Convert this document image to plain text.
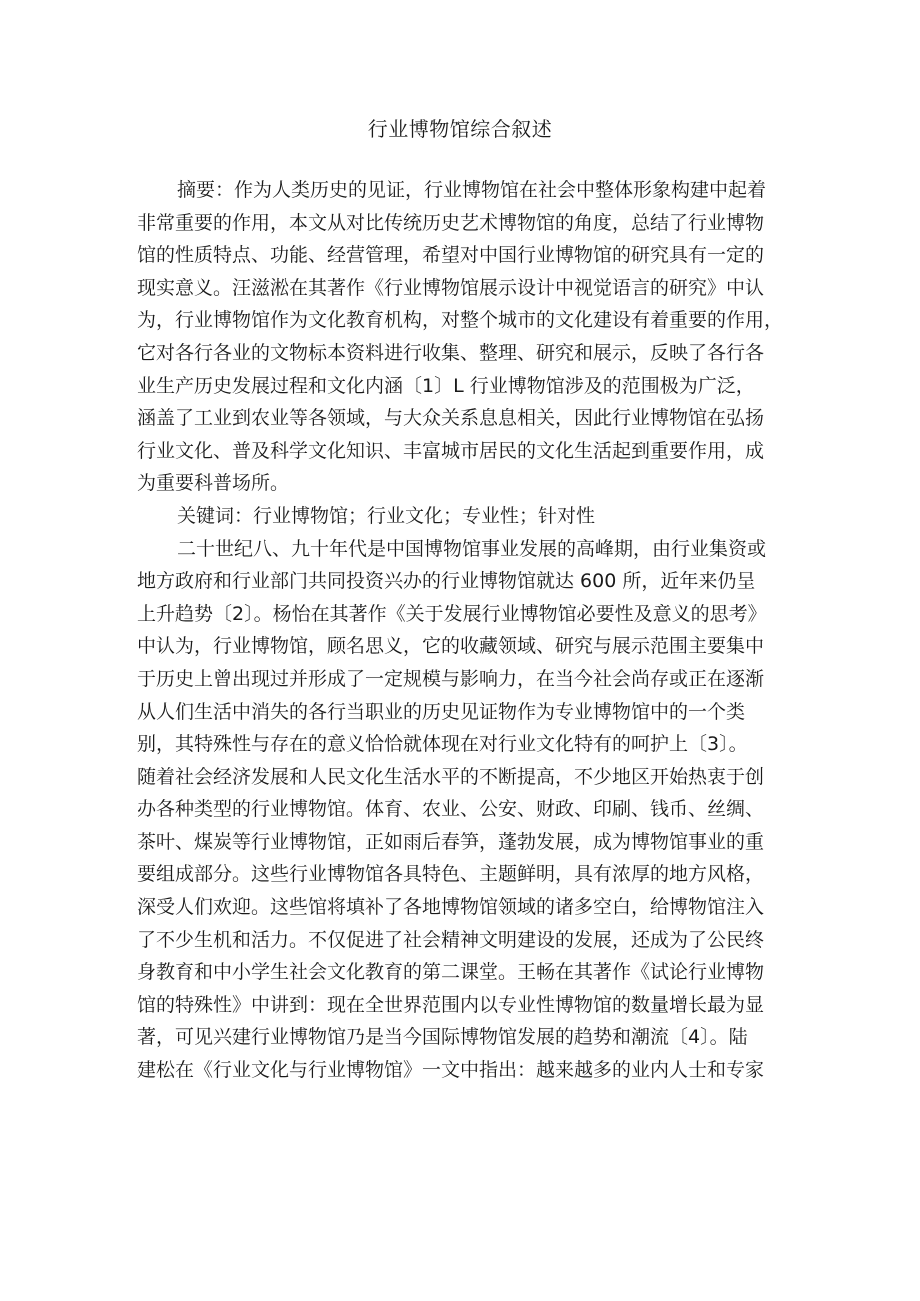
行业博物馆综合叙述
摘要：作为人类历史的见证，行业博物馆在社会中整体形象构建中起着
非常重要的作用，本文从对比传统历史艺术博物馆的角度，总结了行业博物
馆的性质特点、功能、经营管理，希望对中国行业博物馆的研究具有一定的
现实意义。汪滋淞在其著作《行业博物馆展示设计中视觉语言的研究》中认
为，行业博物馆作为文化教育机构，对整个城市的文化建设有着重要的作用，
它对各行各业的文物标本资料进行收集、整理、研究和展示，反映了各行各
业生产历史发展过程和文化内涵〔1〕L 行业博物馆涉及的范围极为广泛，
涵盖了工业到农业等各领域，与大众关系息息相关，因此行业博物馆在弘扬
行业文化、普及科学文化知识、丰富城市居民的文化生活起到重要作用，成
为重要科普场所。
关键词：行业博物馆；行业文化；专业性；针对性
二十世纪八、九十年代是中国博物馆事业发展的高峰期，由行业集资或
地方政府和行业部门共同投资兴办的行业博物馆就达 600 所，近年来仍呈
上升趋势〔2〕。杨怡在其著作《关于发展行业博物馆必要性及意义的思考》
中认为，行业博物馆，顾名思义，它的收藏领域、研究与展示范围主要集中
于历史上曾出现过并形成了一定规模与影响力，在当今社会尚存或正在逐渐
从人们生活中消失的各行当职业的历史见证物作为专业博物馆中的一个类
别，其特殊性与存在的意义恰恰就体现在对行业文化特有的呵护上〔3〕。
随着社会经济发展和人民文化生活水平的不断提高，不少地区开始热衷于创
办各种类型的行业博物馆。体育、农业、公安、财政、印刷、钱币、丝绸、
茶叶、煤炭等行业博物馆，正如雨后春笋，蓬勃发展，成为博物馆事业的重
要组成部分。这些行业博物馆各具特色、主题鲜明，具有浓厚的地方风格，
深受人们欢迎。这些馆将填补了各地博物馆领域的诸多空白，给博物馆注入
了不少生机和活力。不仅促进了社会精神文明建设的发展，还成为了公民终
身教育和中小学生社会文化教育的第二课堂。王畅在其著作《试论行业博物
馆的特殊性》中讲到：现在全世界范围内以专业性博物馆的数量增长最为显
著，可见兴建行业博物馆乃是当今国际博物馆发展的趋势和潮流〔4〕。陆
建松在《行业文化与行业博物馆》一文中指出：越来越多的业内人士和专家
